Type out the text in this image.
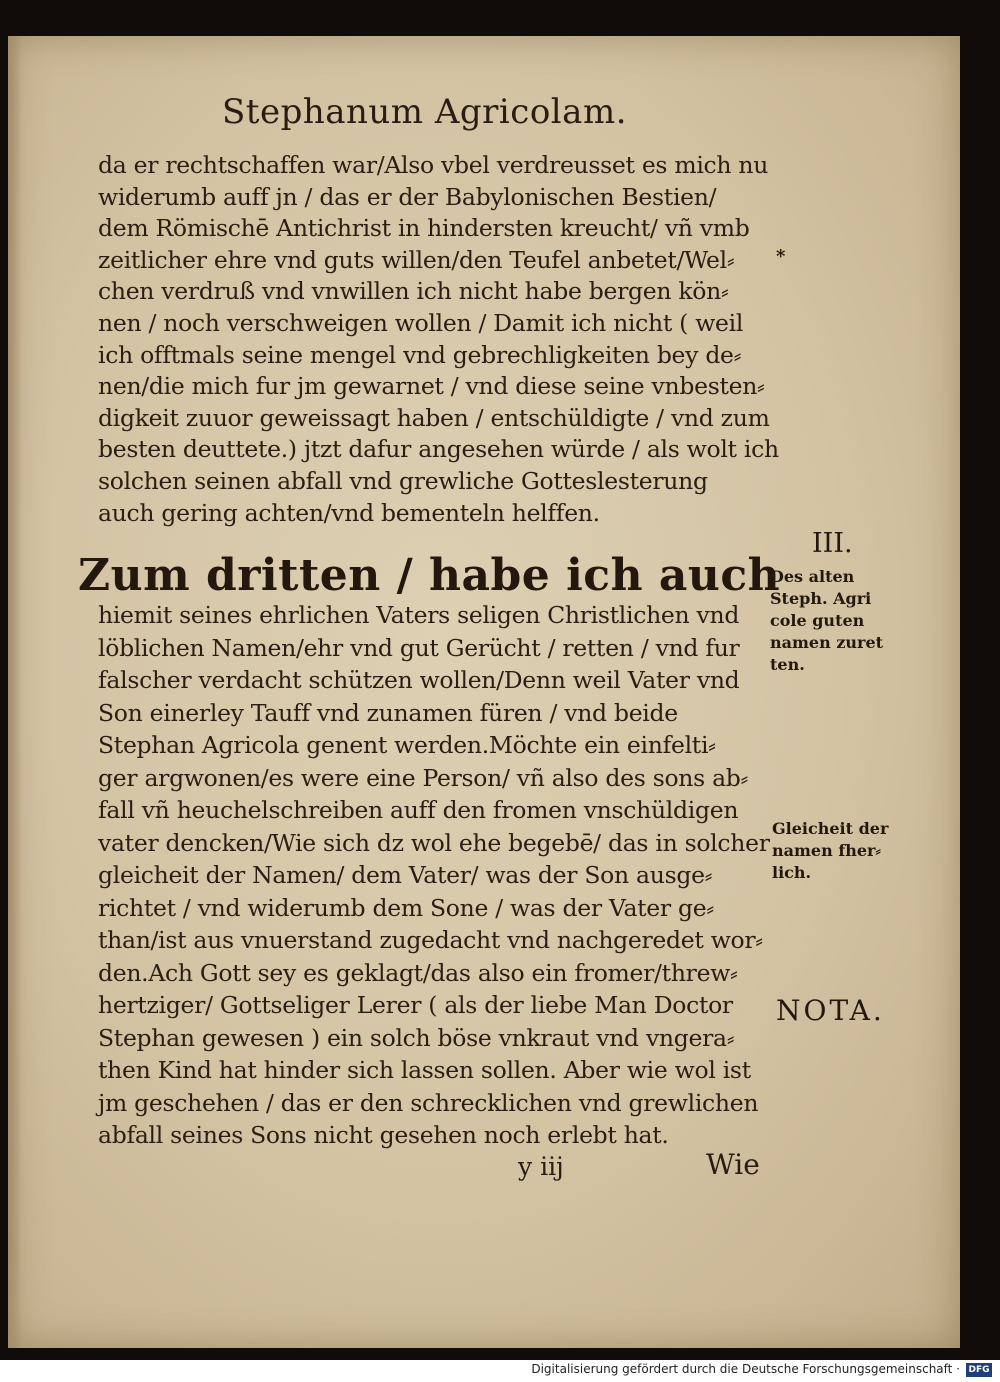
Stephanum Agricolam.
da er rechtschaffen war/Also vbel verdreusset es mich nu
widerumb auff jn / das er der Babylonischen Bestien/
dem Römischē Antichrist in hindersten kreucht/ vñ vmb
zeitlicher ehre vnd guts willen/den Teufel anbetet/Wel⸗
chen verdruß vnd vnwillen ich nicht habe bergen kön⸗
nen / noch verschweigen wollen / Damit ich nicht ( weil
ich offtmals seine mengel vnd gebrechligkeiten bey de⸗
nen/die mich fur jm gewarnet / vnd diese seine vnbesten⸗
digkeit zuuor geweissagt haben / entschüldigte / vnd zum
besten deuttete.) jtzt dafur angesehen würde / als wolt ich
solchen seinen abfall vnd grewliche Gotteslesterung
auch gering achten/vnd bementeln helffen.
Zum dritten / habe ich auch
hiemit seines ehrlichen Vaters seligen Christlichen vnd
löblichen Namen/ehr vnd gut Gerücht / retten / vnd fur
falscher verdacht schützen wollen/Denn weil Vater vnd
Son einerley Tauff vnd zunamen füren / vnd beide
Stephan Agricola genent werden.Möchte ein einfelti⸗
ger argwonen/es were eine Person/ vñ also des sons ab⸗
fall vñ heuchelschreiben auff den fromen vnschüldigen
vater dencken/Wie sich dz wol ehe begebē/ das in solcher
gleicheit der Namen/ dem Vater/ was der Son ausge⸗
richtet / vnd widerumb dem Sone / was der Vater ge⸗
than/ist aus vnuerstand zugedacht vnd nachgeredet wor⸗
den.Ach Gott sey es geklagt/das also ein fromer/threw⸗
hertziger/ Gottseliger Lerer ( als der liebe Man Doctor
Stephan gewesen ) ein solch böse vnkraut vnd vngera⸗
then Kind hat hinder sich lassen sollen. Aber wie wol ist
jm geschehen / das er den schrecklichen vnd grewlichen
abfall seines Sons nicht gesehen noch erlebt hat.
*
III.
Des alten
Steph. Agri
cole guten
namen zuret
ten.
Gleicheit der
namen fher⸗
lich.
NOTA.
y iij	Wie
Digitalisierung gefördert durch die Deutsche Forschungsgemeinschaft · DFG
